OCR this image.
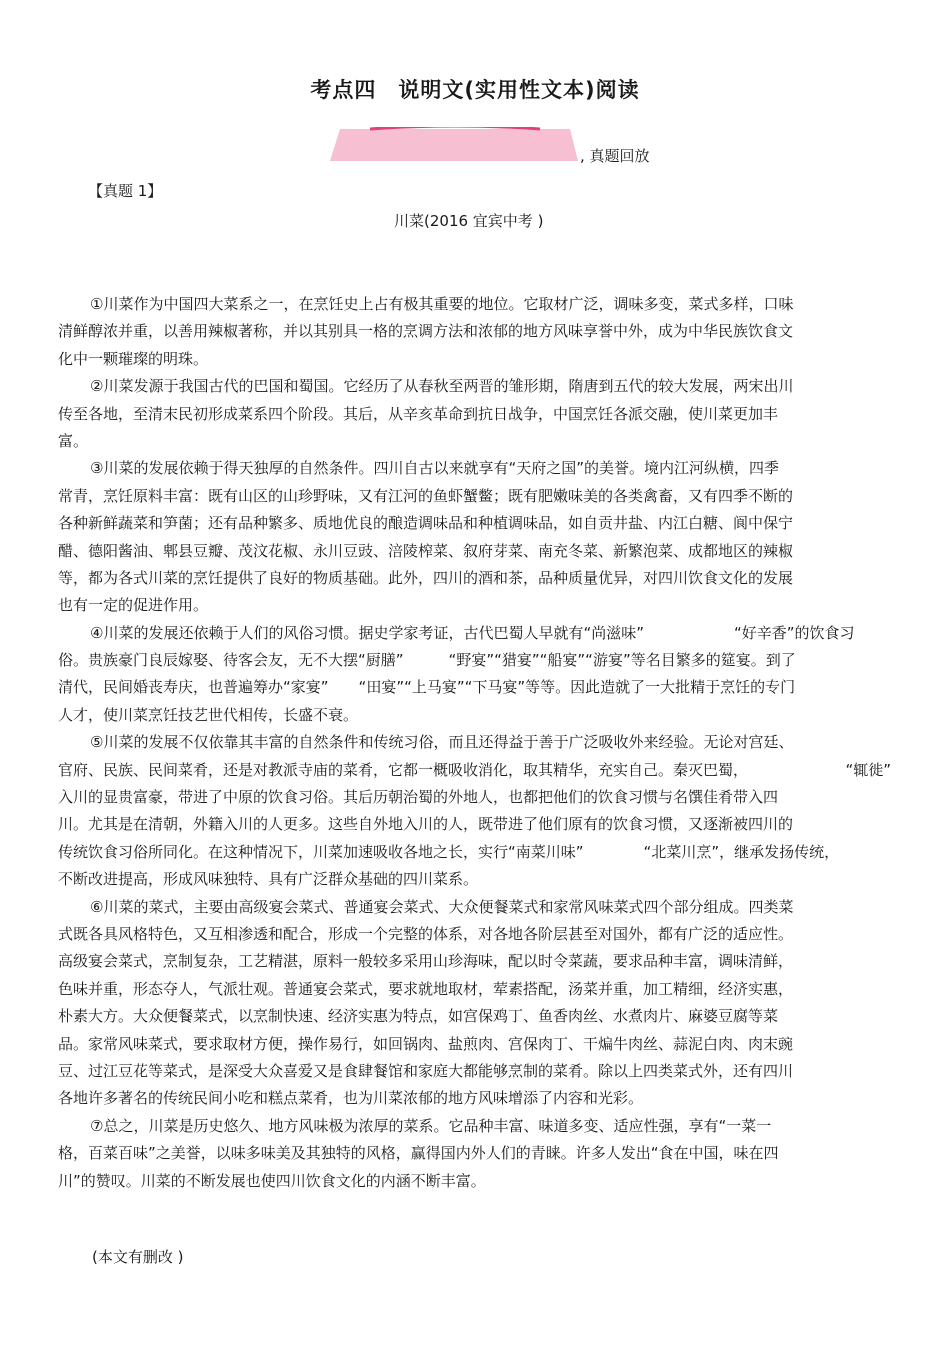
考点四 说明文(实用性文本)阅读
, 真题回放
【真题 1】
川菜(2016 宜宾中考 )
①川菜作为中国四大菜系之一，在烹饪史上占有极其重要的地位。它取材广泛，调味多变，菜式多样，口味
清鲜醇浓并重，以善用辣椒著称，并以其别具一格的烹调方法和浓郁的地方风味享誉中外，成为中华民族饮食文
化中一颗璀璨的明珠。
②川菜发源于我国古代的巴国和蜀国。它经历了从春秋至两晋的雏形期，隋唐到五代的较大发展，两宋出川
传至各地，至清末民初形成菜系四个阶段。其后，从辛亥革命到抗日战争，中国烹饪各派交融，使川菜更加丰
富。
③川菜的发展依赖于得天独厚的自然条件。四川自古以来就享有“天府之国”的美誉。境内江河纵横，四季
常青，烹饪原料丰富：既有山区的山珍野味，又有江河的鱼虾蟹鳖；既有肥嫩味美的各类禽畜，又有四季不断的
各种新鲜蔬菜和笋菌；还有品种繁多、质地优良的酿造调味品和种植调味品，如自贡井盐、内江白糖、阆中保宁
醋、德阳酱油、郫县豆瓣、茂汶花椒、永川豆豉、涪陵榨菜、叙府芽菜、南充冬菜、新繁泡菜、成都地区的辣椒
等，都为各式川菜的烹饪提供了良好的物质基础。此外，四川的酒和茶，品种质量优异，对四川饮食文化的发展
也有一定的促进作用。
④川菜的发展还依赖于人们的风俗习惯。据史学家考证，古代巴蜀人早就有“尚滋味”　　　　　　“好辛香”的饮食习
俗。贵族豪门良辰嫁娶、待客会友，无不大摆“厨膳”　　　“野宴”“猎宴”“船宴”“游宴”等名目繁多的筵宴。到了
清代，民间婚丧寿庆，也普遍筹办“家宴”　　“田宴”“上马宴”“下马宴”等等。因此造就了一大批精于烹饪的专门
人才，使川菜烹饪技艺世代相传，长盛不衰。
⑤川菜的发展不仅依靠其丰富的自然条件和传统习俗，而且还得益于善于广泛吸收外来经验。无论对宫廷、
官府、民族、民间菜肴，还是对教派寺庙的菜肴，它都一概吸收消化，取其精华，充实自己。秦灭巴蜀，　　　　　　　“辄徙”
入川的显贵富豪，带进了中原的饮食习俗。其后历朝治蜀的外地人，也都把他们的饮食习惯与名馔佳肴带入四
川。尤其是在清朝，外籍入川的人更多。这些自外地入川的人，既带进了他们原有的饮食习惯，又逐渐被四川的
传统饮食习俗所同化。在这种情况下，川菜加速吸收各地之长，实行“南菜川味”　　　　“北菜川烹”，继承发扬传统，
不断改进提高，形成风味独特、具有广泛群众基础的四川菜系。
⑥川菜的菜式，主要由高级宴会菜式、普通宴会菜式、大众便餐菜式和家常风味菜式四个部分组成。四类菜
式既各具风格特色，又互相渗透和配合，形成一个完整的体系，对各地各阶层甚至对国外，都有广泛的适应性。
高级宴会菜式，烹制复杂，工艺精湛，原料一般较多采用山珍海味，配以时令菜蔬，要求品种丰富，调味清鲜，
色味并重，形态夺人，气派壮观。普通宴会菜式，要求就地取材，荤素搭配，汤菜并重，加工精细，经济实惠，
朴素大方。大众便餐菜式，以烹制快速、经济实惠为特点，如宫保鸡丁、鱼香肉丝、水煮肉片、麻婆豆腐等菜
品。家常风味菜式，要求取材方便，操作易行，如回锅肉、盐煎肉、宫保肉丁、干煸牛肉丝、蒜泥白肉、肉末豌
豆、过江豆花等菜式，是深受大众喜爱又是食肆餐馆和家庭大都能够烹制的菜肴。除以上四类菜式外，还有四川
各地许多著名的传统民间小吃和糕点菜肴，也为川菜浓郁的地方风味增添了内容和光彩。
⑦总之，川菜是历史悠久、地方风味极为浓厚的菜系。它品种丰富、味道多变、适应性强，享有“一菜一
格，百菜百味”之美誉，以味多味美及其独特的风格，赢得国内外人们的青睐。许多人发出“食在中国，味在四
川”的赞叹。川菜的不断发展也使四川饮食文化的内涵不断丰富。
(本文有删改 )
